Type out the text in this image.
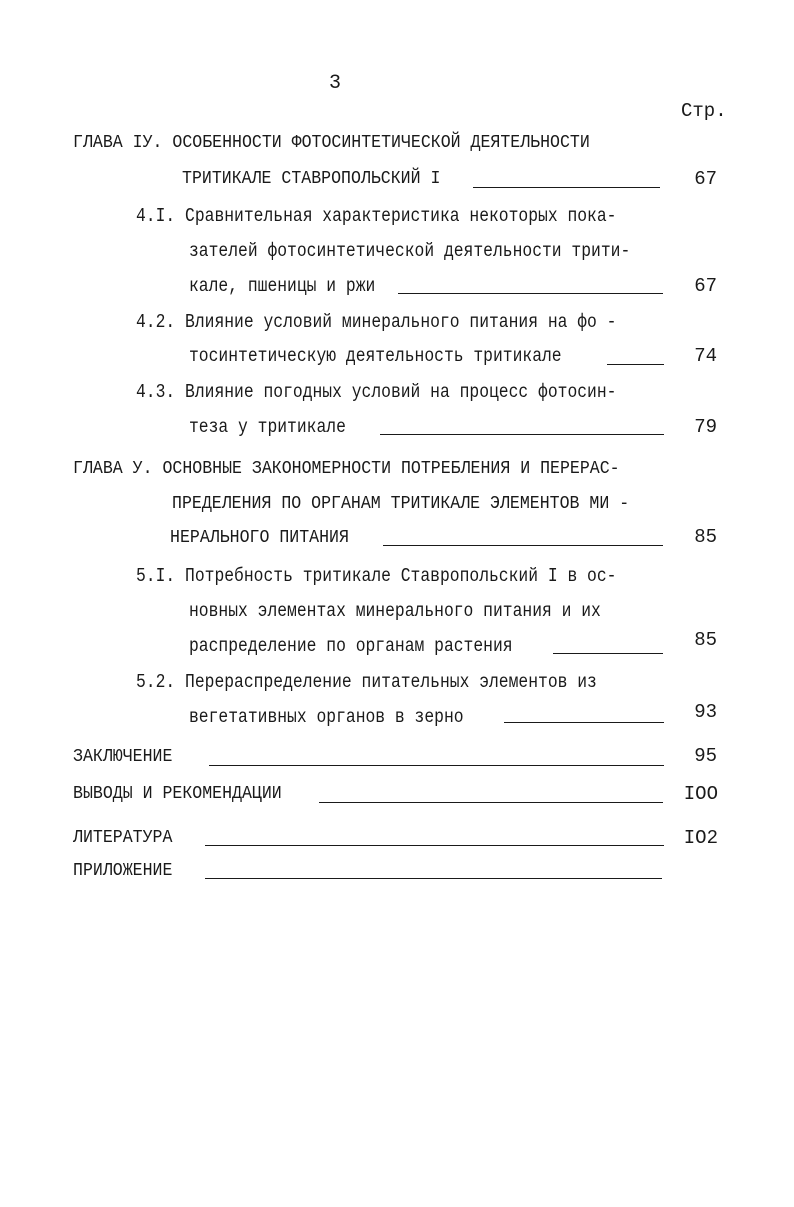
3
Стр.
ГЛАВА IУ. ОСОБЕННОСТИ ФОТОСИНТЕТИЧЕСКОЙ ДЕЯТЕЛЬНОСТИ
ТРИТИКАЛЕ СТАВРОПОЛЬСКИЙ I	67
4.I. Сравнительная характеристика некоторых пока-
зателей фотосинтетической деятельности трити-
кале, пшеницы и ржи	67
4.2. Влияние условий минерального питания на фо -
тосинтетическую деятельность тритикале	74
4.3. Влияние погодных условий на процесс фотосин-
теза у тритикале	79
ГЛАВА У. ОСНОВНЫЕ ЗАКОНОМЕРНОСТИ ПОТРЕБЛЕНИЯ И ПЕРЕРАС-
ПРЕДЕЛЕНИЯ ПО ОРГАНАМ ТРИТИКАЛЕ ЭЛЕМЕНТОВ МИ -
НЕРАЛЬНОГО ПИТАНИЯ	85
5.I. Потребность тритикале Ставропольский I в ос-
новных элементах минерального питания и их
распределение по органам растения	85
5.2. Перераспределение питательных элементов из
вегетативных органов в зерно	93
ЗАКЛЮЧЕНИЕ	95
ВЫВОДЫ И РЕКОМЕНДАЦИИ	IOO
ЛИТЕРАТУРА	IO2
ПРИЛОЖЕНИЕ
